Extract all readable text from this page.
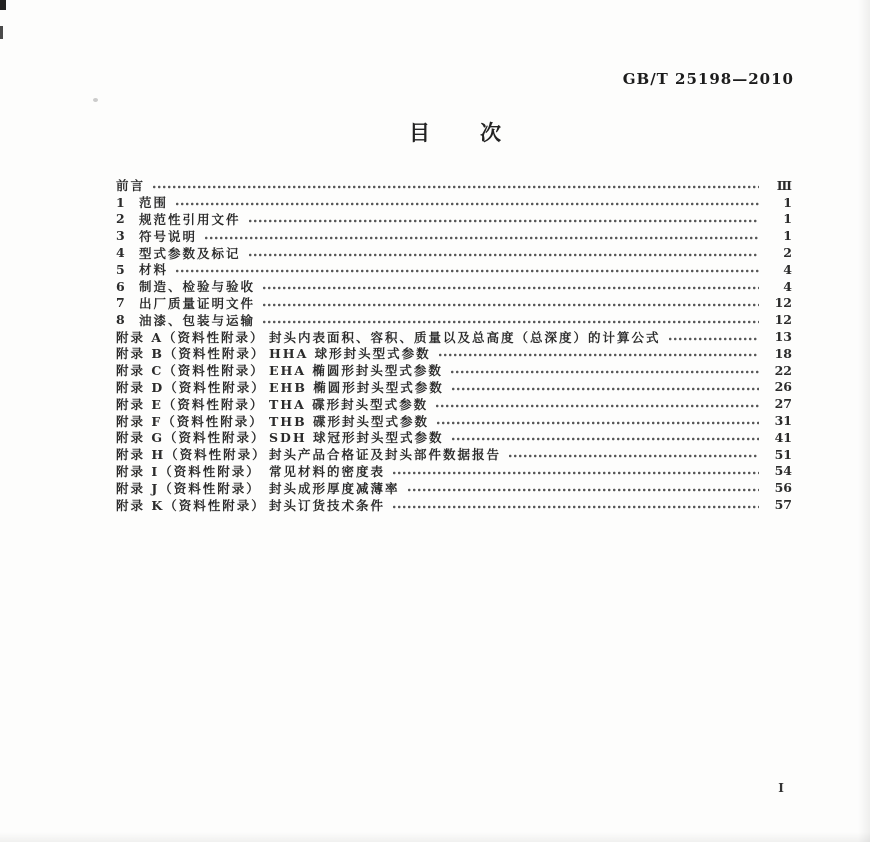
GB/T 25198—2010
目 次
前言	Ⅲ
1	范围	1
2	规范性引用文件	1
3	符号说明	1
4	型式参数及标记	2
5	材料	4
6	制造、检验与验收	4
7	出厂质量证明文件	12
8	油漆、包装与运输	12
附录 A（资料性附录） 封头内表面积、容积、质量以及总高度（总深度）的计算公式	13
附录 B（资料性附录） HHA 球形封头型式参数	18
附录 C（资料性附录） EHA 椭圆形封头型式参数	22
附录 D（资料性附录） EHB 椭圆形封头型式参数	26
附录 E（资料性附录） THA 碟形封头型式参数	27
附录 F（资料性附录） THB 碟形封头型式参数	31
附录 G（资料性附录） SDH 球冠形封头型式参数	41
附录 H（资料性附录） 封头产品合格证及封头部件数据报告	51
附录 I（资料性附录） 常见材料的密度表	54
附录 J（资料性附录） 封头成形厚度减薄率	56
附录 K（资料性附录） 封头订货技术条件	57
Ⅰ
